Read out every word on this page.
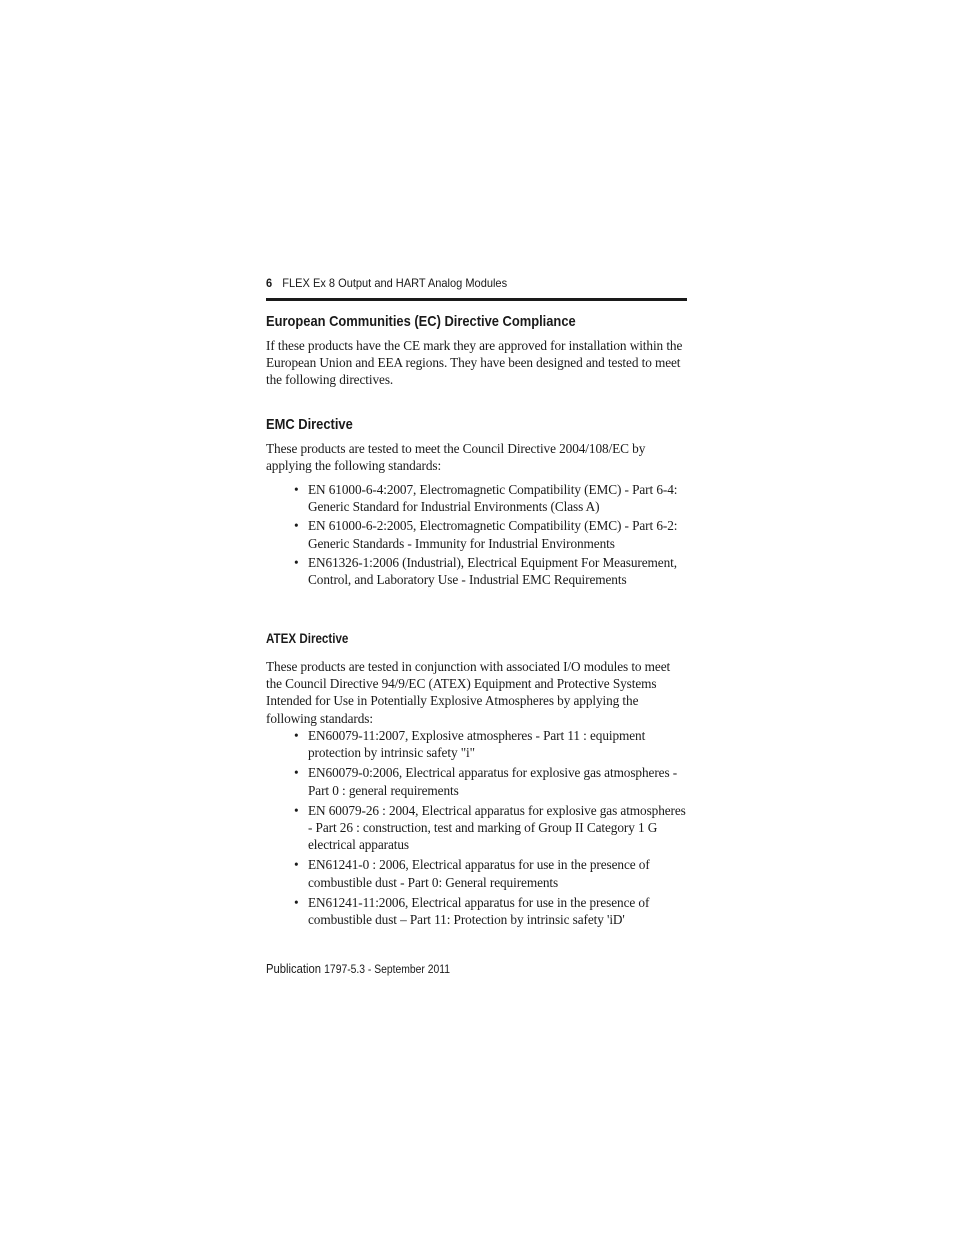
6 FLEX Ex 8 Output and HART Analog Modules
European Communities (EC) Directive Compliance

If these products have the CE mark they are approved for installation within the European Union and EEA regions. They have been designed and tested to meet the following directives.

EMC Directive

These products are tested to meet the Council Directive 2004/108/EC by applying the following standards:

• EN 61000-6-4:2007, Electromagnetic Compatibility (EMC) - Part 6-4: Generic Standard for Industrial Environments (Class A)
• EN 61000-6-2:2005, Electromagnetic Compatibility (EMC) - Part 6-2: Generic Standards - Immunity for Industrial Environments
• EN61326-1:2006 (Industrial), Electrical Equipment For Measurement, Control, and Laboratory Use - Industrial EMC Requirements
ATEX Directive

These products are tested in conjunction with associated I/O modules to meet the Council Directive 94/9/EC (ATEX) Equipment and Protective Systems Intended for Use in Potentially Explosive Atmospheres by applying the following standards:

• EN60079-11:2007, Explosive atmospheres - Part 11 : equipment protection by intrinsic safety "i"
• EN60079-0:2006, Electrical apparatus for explosive gas atmospheres - Part 0 : general requirements
• EN 60079-26 : 2004, Electrical apparatus for explosive gas atmospheres - Part 26 : construction, test and marking of Group II Category 1 G electrical apparatus
• EN61241-0 : 2006, Electrical apparatus for use in the presence of combustible dust - Part 0: General requirements
• EN61241-11:2006, Electrical apparatus for use in the presence of combustible dust – Part 11: Protection by intrinsic safety 'iD'
Publication 1797-5.3 - September 2011
